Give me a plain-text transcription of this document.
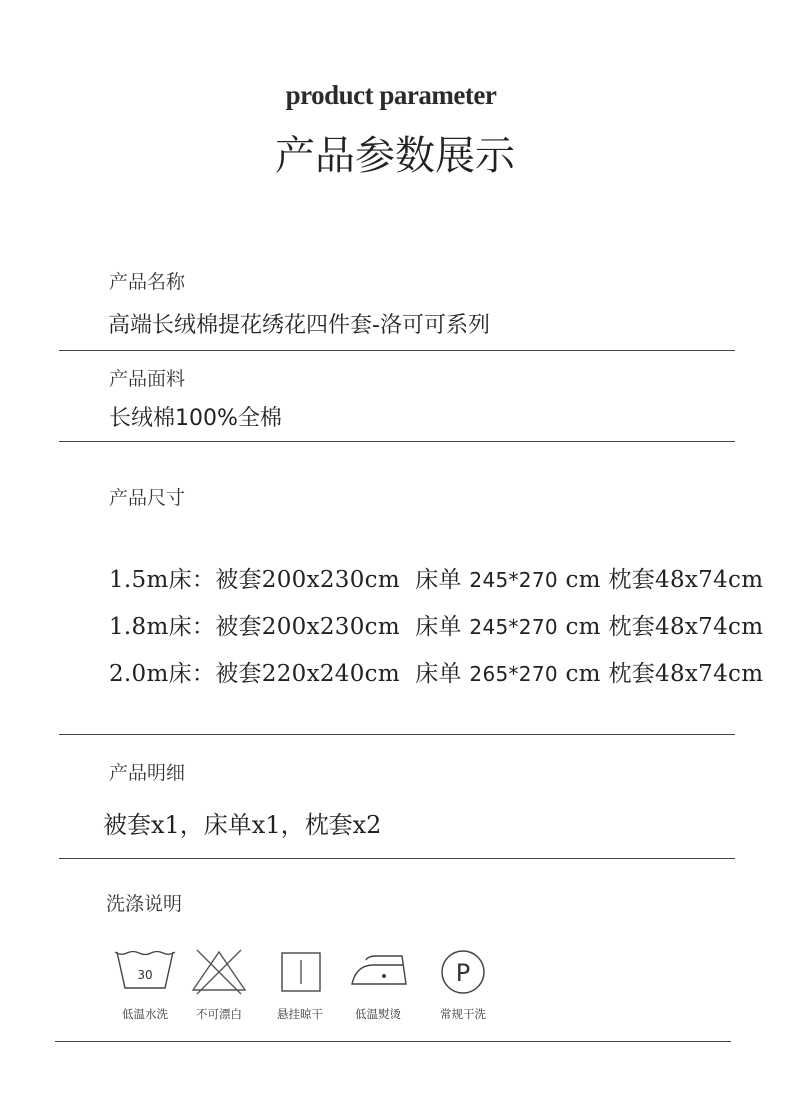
product parameter
产品参数展示
产品名称
高端长绒棉提花绣花四件套-洛可可系列
产品面料
长绒棉100%全棉
产品尺寸
1.5m床：被套200x230cm 床单 245*270 cm 枕套48x74cm
1.8m床：被套200x230cm 床单 245*270 cm 枕套48x74cm
2.0m床：被套220x240cm 床单 265*270 cm 枕套48x74cm
产品明细
被套x1，床单x1，枕套x2
洗涤说明
30
低温水洗	不可漂白	悬挂晾干	低温熨烫
P
常规干洗
